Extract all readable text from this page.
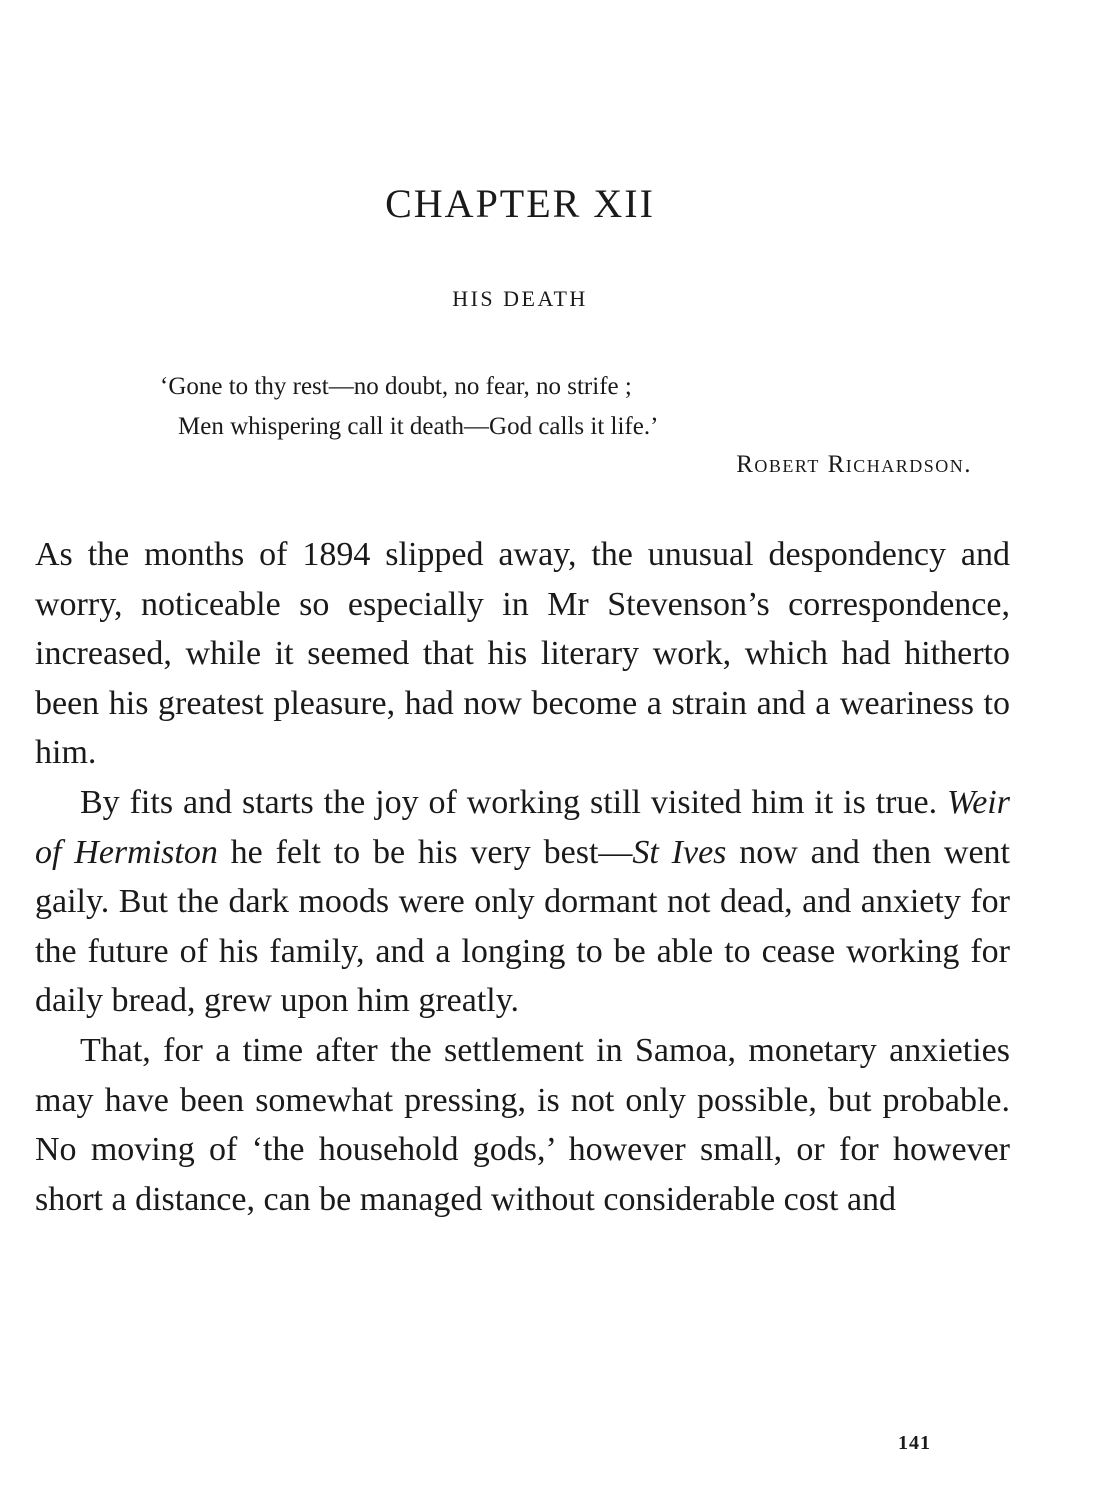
CHAPTER XII
HIS DEATH
‘Gone to thy rest—no doubt, no fear, no strife ;
Men whispering call it death—God calls it life.’
Robert Richardson.

As the months of 1894 slipped away, the unusual despondency and worry, noticeable so especially in Mr Stevenson’s correspondence, increased, while it seemed that his literary work, which had hitherto been his greatest pleasure, had now become a strain and a weariness to him.

By fits and starts the joy of working still visited him it is true. Weir of Hermiston he felt to be his very best—St Ives now and then went gaily. But the dark moods were only dormant not dead, and anxiety for the future of his family, and a longing to be able to cease working for daily bread, grew upon him greatly.

That, for a time after the settlement in Samoa, monetary anxieties may have been somewhat pressing, is not only possible, but probable. No moving of ‘the household gods,’ however small, or for however short a distance, can be managed without considerable cost and

141
